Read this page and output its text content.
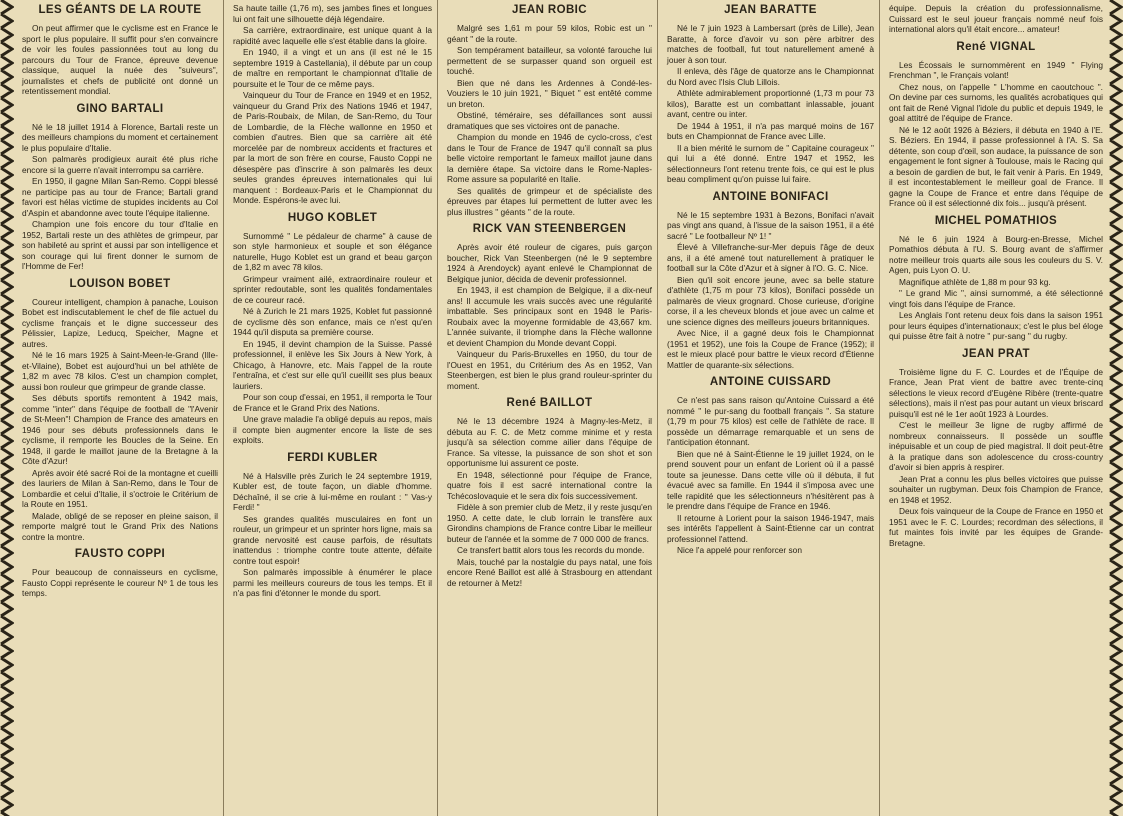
LES GÉANTS DE LA ROUTE

On peut affirmer que le cyclisme est en France le sport le plus populaire. Il suffit pour s'en convaincre de voir les foules passionnées tout au long du parcours du Tour de France, épreuve devenue classique, auquel la nuée des "suiveurs", journalistes et chefs de publicité ont donné un retentissement mondial.

GINO BARTALI

Né le 18 juillet 1914 à Florence, Bartali reste un des meilleurs champions du moment et certainement le plus populaire d'Italie.

Son palmarès prodigieux aurait été plus riche encore si la guerre n'avait interrompu sa carrière.

En 1950, il gagne Milan San-Remo. Coppi blessé ne participe pas au tour de France; Bartali grand favori est hélas victime de stupides incidents au Col d'Aspin et abandonne avec toute l'équipe italienne.

Champion une fois encore du tour d'Italie en 1952, Bartali reste un des athlètes de grimpeur, par son habileté au sprint et aussi par son intelligence et son courage qui lui firent donner le surnom de l'Homme de Fer!

LOUISON BOBET

Coureur intelligent, champion à panache, Louison Bobet est indiscutablement le chef de file actuel du cyclisme français et le digne successeur des Pélissier, Lapize, Leducq, Speicher, Magne et autres.

Né le 16 mars 1925 à Saint-Meen-le-Grand (Ille-et-Vilaine), Bobet est aujourd'hui un bel athlète de 1,82 m avec 78 kilos. C'est un champion complet, aussi bon rouleur que grimpeur de grande classe.

Ses débuts sportifs remontent à 1942 mais, comme "inter" dans l'équipe de football de "l'Avenir de St-Meen"! Champion de France des amateurs en 1946 pour ses débuts professionnels dans le cyclisme, il remporte les Boucles de la Seine. En 1948, il garde le maillot jaune de la Bretagne à la Côte d'Azur!

Après avoir été sacré Roi de la montagne et cueilli des lauriers de Milan à San-Remo, dans le Tour de Lombardie et celui d'Italie, il s'octroie le Critérium de la Route en 1951.

Malade, obligé de se reposer en pleine saison, il remporte malgré tout le Grand Prix des Nations contre la montre.

FAUSTO COPPI

Pour beaucoup de connaisseurs en cyclisme, Fausto Coppi représente le coureur Nº 1 de tous les temps.

Sa haute taille (1,76 m), ses jambes fines et longues lui ont fait une silhouette déjà légendaire.

Sa carrière, extraordinaire, est unique quant à la rapidité avec laquelle elle s'est établie dans la gloire.

En 1940, il a vingt et un ans (il est né le 15 septembre 1919 à Castellania), il débute par un coup de maître en remportant le championnat d'Italie de poursuite et le Tour de ce même pays.

Vainqueur du Tour de France en 1949 et en 1952, vainqueur du Grand Prix des Nations 1946 et 1947, de Paris-Roubaix, de Milan, de San-Remo, du Tour de Lombardie, de la Flèche wallonne en 1950 et combien d'autres. Bien que sa carrière ait été morcelée par de nombreux accidents et fractures et par la mort de son frère en course, Fausto Coppi ne désespère pas d'inscrire à son palmarès les deux seules grandes épreuves internationales qui lui manquent : Bordeaux-Paris et le Championnat du Monde. Espérons-le avec lui.

HUGO KOBLET

Surnommé " Le pédaleur de charme" à cause de son style harmonieux et souple et son élégance naturelle, Hugo Koblet est un grand et beau garçon de 1,82 m avec 78 kilos.

Grimpeur vraiment ailé, extraordinaire rouleur et sprinter redoutable, sont les qualités fondamentales de ce coureur racé.

Né à Zurich le 21 mars 1925, Koblet fut passionné de cyclisme dès son enfance, mais ce n'est qu'en 1944 qu'il disputa sa première course.

En 1945, il devint champion de la Suisse. Passé professionnel, il enlève les Six Jours à New York, à Chicago, à Hanovre, etc. Mais l'appel de la route l'entraîna, et c'est sur elle qu'il cueillit ses plus beaux lauriers.

Pour son coup d'essai, en 1951, il remporta le Tour de France et le Grand Prix des Nations.

Une grave maladie l'a obligé depuis au repos, mais il compte bien augmenter encore la liste de ses exploits.

FERDI KUBLER

Né à Halsville près Zurich le 24 septembre 1919, Kubler est, de toute façon, un diable d'homme. Déchaîné, il se crie à lui-même en roulant : " Vas-y Ferdi! "

Ses grandes qualités musculaires en font un rouleur, un grimpeur et un sprinter hors ligne, mais sa grande nervosité est cause parfois, de résultats inattendus : triomphe contre toute attente, défaite contre tout espoir!

Son palmarès impossible à énumérer le place parmi les meilleurs coureurs de tous les temps. Et il n'a pas fini d'étonner le monde du sport.

JEAN ROBIC

Malgré ses 1,61 m pour 59 kilos, Robic est un " géant " de la route.

Son tempérament batailleur, sa volonté farouche lui permettent de se surpasser quand son orgueil est touché.

Bien que né dans les Ardennes à Condé-les-Vouziers le 10 juin 1921, " Biquet " est entêté comme un breton.

Obstiné, téméraire, ses défaillances sont aussi dramatiques que ses victoires ont de panache.

Champion du monde en 1946 de cyclo-cross, c'est dans le Tour de France de 1947 qu'il connaît sa plus belle victoire remportant le fameux maillot jaune dans la dernière étape. Sa victoire dans le Rome-Naples-Rome assure sa popularité en Italie.

Ses qualités de grimpeur et de spécialiste des épreuves par étapes lui permettent de lutter avec les plus illustres " géants " de la route.

RICK VAN STEENBERGEN

Après avoir été rouleur de cigares, puis garçon boucher, Rick Van Steenbergen (né le 9 septembre 1924 à Arendoyck) ayant enlevé le Championnat de Belgique junior, décida de devenir professionnel.

En 1943, il est champion de Belgique, il a dix-neuf ans! Il accumule les vrais succès avec une régularité imbattable. Ses principaux sont en 1948 le Paris-Roubaix avec la moyenne formidable de 43,667 km. L'année suivante, il triomphe dans la Flèche wallonne et devient Champion du Monde devant Coppi.

Vainqueur du Paris-Bruxelles en 1950, du tour de l'Ouest en 1951, du Critérium des As en 1952, Van Steenbergen, est bien le plus grand rouleur-sprinter du moment.

René BAILLOT

Né le 13 décembre 1924 à Magny-les-Metz, il débuta au F. C. de Metz comme minime et y resta jusqu'à sa sélection comme ailier dans l'équipe de France. Sa vitesse, la puissance de son shot et son opportunisme lui assurent ce poste.

En 1948, sélectionné pour l'équipe de France, quatre fois il est sacré international contre la Tchécoslovaquie et le sera dix fois successivement.

Fidèle à son premier club de Metz, il y reste jusqu'en 1950. A cette date, le club lorrain le transfère aux Girondins champions de France contre Libar le meilleur buteur de l'année et la somme de 7 000 000 de francs.

Ce transfert battit alors tous les records du monde.

Mais, touché par la nostalgie du pays natal, une fois encore René Baillot est allé à Strasbourg en attendant de retourner à Metz!

JEAN BARATTE

Né le 7 juin 1923 à Lambersart (près de Lille), Jean Baratte, à force d'avoir vu son père arbitrer des matches de football, fut tout naturellement amené à jouer à son tour.

Il enleva, dès l'âge de quatorze ans le Championnat du Nord avec l'Isis Club Lillois.

Athlète admirablement proportionné (1,73 m pour 73 kilos), Baratte est un combattant inlassable, jouant avant, centre ou inter.

De 1944 à 1951, il n'a pas marqué moins de 167 buts en Championnat de France avec Lille.

Il a bien mérité le surnom de " Capitaine courageux " qui lui a été donné. Entre 1947 et 1952, les sélectionneurs l'ont retenu trente fois, ce qui est le plus beau compliment qu'on puisse lui faire.

ANTOINE BONIFACI

Né le 15 septembre 1931 à Bezons, Bonifaci n'avait pas vingt ans quand, à l'issue de la saison 1951, il a été sacré " Le footballeur Nº 1! "

Élevé à Villefranche-sur-Mer depuis l'âge de deux ans, il a été amené tout naturellement à pratiquer le football sur la Côte d'Azur et à signer à l'O. G. C. Nice.

Bien qu'il soit encore jeune, avec sa belle stature d'athlète (1,75 m pour 73 kilos), Bonifaci possède un palmarès de vieux grognard. Chose curieuse, d'origine corse, il a les cheveux blonds et joue avec un calme et une science dignes des meilleurs joueurs britanniques.

Avec Nice, il a gagné deux fois le Championnat (1951 et 1952), une fois la Coupe de France (1952); il est le mieux placé pour battre le vieux record d'Étienne Mattler de quarante-six sélections.

ANTOINE CUISSARD

Ce n'est pas sans raison qu'Antoine Cuissard a été nommé " le pur-sang du football français ". Sa stature (1,79 m pour 75 kilos) est celle de l'athlète de race. Il possède un démarrage remarquable et un sens de l'anticipation étonnant.

Bien que né à Saint-Étienne le 19 juillet 1924, on le prend souvent pour un enfant de Lorient où il a passé toute sa jeunesse. Dans cette ville où il débuta, il fut évacué avec sa famille. En 1944 il s'imposa avec une telle rapidité que les sélectionneurs n'hésitèrent pas à le prendre dans l'équipe de France en 1946.

Il retourne à Lorient pour la saison 1946-1947, mais ses intérêts l'appellent à Saint-Étienne car un contrat professionnel l'attend.

Nice l'a appelé pour renforcer son

équipe. Depuis la création du professionnalisme, Cuissard est le seul joueur français nommé neuf fois international alors qu'il était encore... amateur!

René VIGNAL

Les Écossais le surnommèrent en 1949 " Flying Frenchman ", le Français volant!

Chez nous, on l'appelle " L'homme en caoutchouc ". On devine par ces surnoms, les qualités acrobatiques qui ont fait de René Vignal l'idole du public et depuis 1949, le goal attitré de l'équipe de France.

Né le 12 août 1926 à Béziers, il débuta en 1940 à l'E. S. Béziers. En 1944, il passe professionnel à l'A. S. Sa détente, son coup d'œil, son audace, la puissance de son engagement le font signer à Toulouse, mais le Racing qui a besoin de gardien de but, le fait venir à Paris. En 1949, il est incontestablement le meilleur goal de France. Il gagne la Coupe de France et entre dans l'équipe de France où il est sélectionné dix fois... jusqu'à présent.

MICHEL POMATHIOS

Né le 6 juin 1924 à Bourg-en-Bresse, Michel Pomathios débuta à l'U. S. Bourg avant de s'affirmer notre meilleur trois quarts aile sous les couleurs du S. V. Agen, puis Lyon O. U.

Magnifique athlète de 1,88 m pour 93 kg.

" Le grand Mic ", ainsi surnommé, a été sélectionné vingt fois dans l'équipe de France.

Les Anglais l'ont retenu deux fois dans la saison 1951 pour leurs équipes d'internationaux; c'est le plus bel éloge qui puisse être fait à notre " pur-sang " du rugby.

JEAN PRAT

Troisième ligne du F. C. Lourdes et de l'Équipe de France, Jean Prat vient de battre avec trente-cinq sélections le vieux record d'Eugène Ribère (trente-quatre sélections), mais il n'est pas pour autant un vieux briscard puisqu'il est né le 1er août 1923 à Lourdes.

C'est le meilleur 3e ligne de rugby affirmé de nombreux connaisseurs. Il possède un souffle inépuisable et un coup de pied magistral. Il doit peut-être à la pratique dans son adolescence du cross-country d'avoir si bien appris à respirer.

Jean Prat a connu les plus belles victoires que puisse souhaiter un rugbyman. Deux fois Champion de France, en 1948 et 1952.

Deux fois vainqueur de la Coupe de France en 1950 et 1951 avec le F. C. Lourdes; recordman des sélections, il fut maintes fois invité par les équipes de Grande-Bretagne.
